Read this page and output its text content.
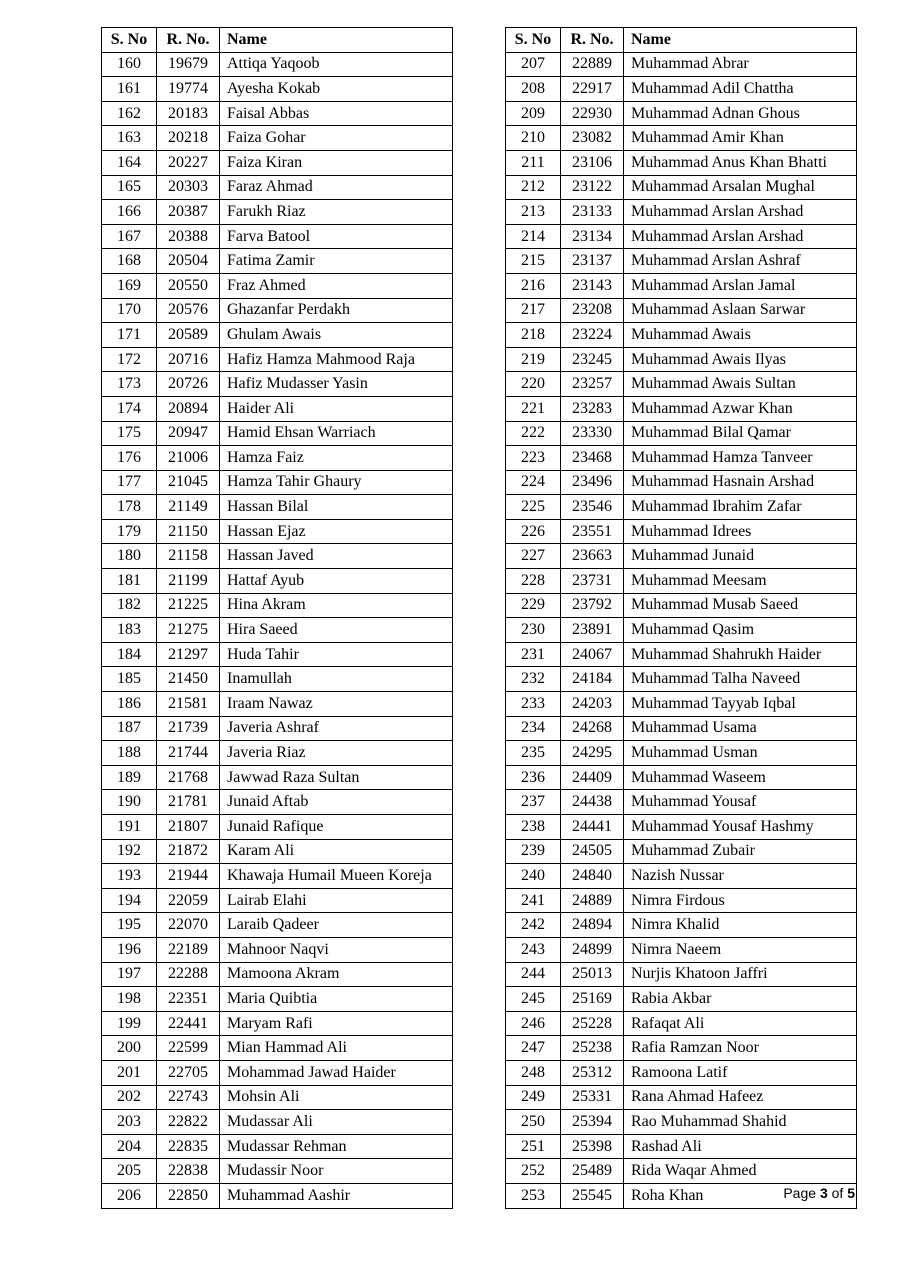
S. No	R. No.	Name
160	19679	Attiqa Yaqoob
161	19774	Ayesha Kokab
162	20183	Faisal Abbas
163	20218	Faiza Gohar
164	20227	Faiza Kiran
165	20303	Faraz Ahmad
166	20387	Farukh Riaz
167	20388	Farva Batool
168	20504	Fatima Zamir
169	20550	Fraz Ahmed
170	20576	Ghazanfar Perdakh
171	20589	Ghulam Awais
172	20716	Hafiz Hamza Mahmood Raja
173	20726	Hafiz Mudasser Yasin
174	20894	Haider Ali
175	20947	Hamid Ehsan Warriach
176	21006	Hamza Faiz
177	21045	Hamza Tahir Ghaury
178	21149	Hassan Bilal
179	21150	Hassan Ejaz
180	21158	Hassan Javed
181	21199	Hattaf Ayub
182	21225	Hina Akram
183	21275	Hira Saeed
184	21297	Huda Tahir
185	21450	Inamullah
186	21581	Iraam Nawaz
187	21739	Javeria Ashraf
188	21744	Javeria Riaz
189	21768	Jawwad Raza Sultan
190	21781	Junaid Aftab
191	21807	Junaid Rafique
192	21872	Karam Ali
193	21944	Khawaja Humail Mueen Koreja
194	22059	Lairab Elahi
195	22070	Laraib Qadeer
196	22189	Mahnoor Naqvi
197	22288	Mamoona Akram
198	22351	Maria Quibtia
199	22441	Maryam Rafi
200	22599	Mian Hammad Ali
201	22705	Mohammad Jawad Haider
202	22743	Mohsin Ali
203	22822	Mudassar Ali
204	22835	Mudassar Rehman
205	22838	Mudassir Noor
206	22850	Muhammad Aashir
S. No	R. No.	Name
207	22889	Muhammad Abrar
208	22917	Muhammad Adil Chattha
209	22930	Muhammad Adnan Ghous
210	23082	Muhammad Amir Khan
211	23106	Muhammad Anus Khan Bhatti
212	23122	Muhammad Arsalan Mughal
213	23133	Muhammad Arslan Arshad
214	23134	Muhammad Arslan Arshad
215	23137	Muhammad Arslan Ashraf
216	23143	Muhammad Arslan Jamal
217	23208	Muhammad Aslaan Sarwar
218	23224	Muhammad Awais
219	23245	Muhammad Awais Ilyas
220	23257	Muhammad Awais Sultan
221	23283	Muhammad Azwar Khan
222	23330	Muhammad Bilal Qamar
223	23468	Muhammad Hamza Tanveer
224	23496	Muhammad Hasnain Arshad
225	23546	Muhammad Ibrahim Zafar
226	23551	Muhammad Idrees
227	23663	Muhammad Junaid
228	23731	Muhammad Meesam
229	23792	Muhammad Musab Saeed
230	23891	Muhammad Qasim
231	24067	Muhammad Shahrukh Haider
232	24184	Muhammad Talha Naveed
233	24203	Muhammad Tayyab Iqbal
234	24268	Muhammad Usama
235	24295	Muhammad Usman
236	24409	Muhammad Waseem
237	24438	Muhammad Yousaf
238	24441	Muhammad Yousaf Hashmy
239	24505	Muhammad Zubair
240	24840	Nazish Nussar
241	24889	Nimra Firdous
242	24894	Nimra Khalid
243	24899	Nimra Naeem
244	25013	Nurjis Khatoon Jaffri
245	25169	Rabia Akbar
246	25228	Rafaqat Ali
247	25238	Rafia Ramzan Noor
248	25312	Ramoona Latif
249	25331	Rana Ahmad Hafeez
250	25394	Rao Muhammad Shahid
251	25398	Rashad Ali
252	25489	Rida Waqar Ahmed
253	25545	Roha Khan	Page 3 of 5
